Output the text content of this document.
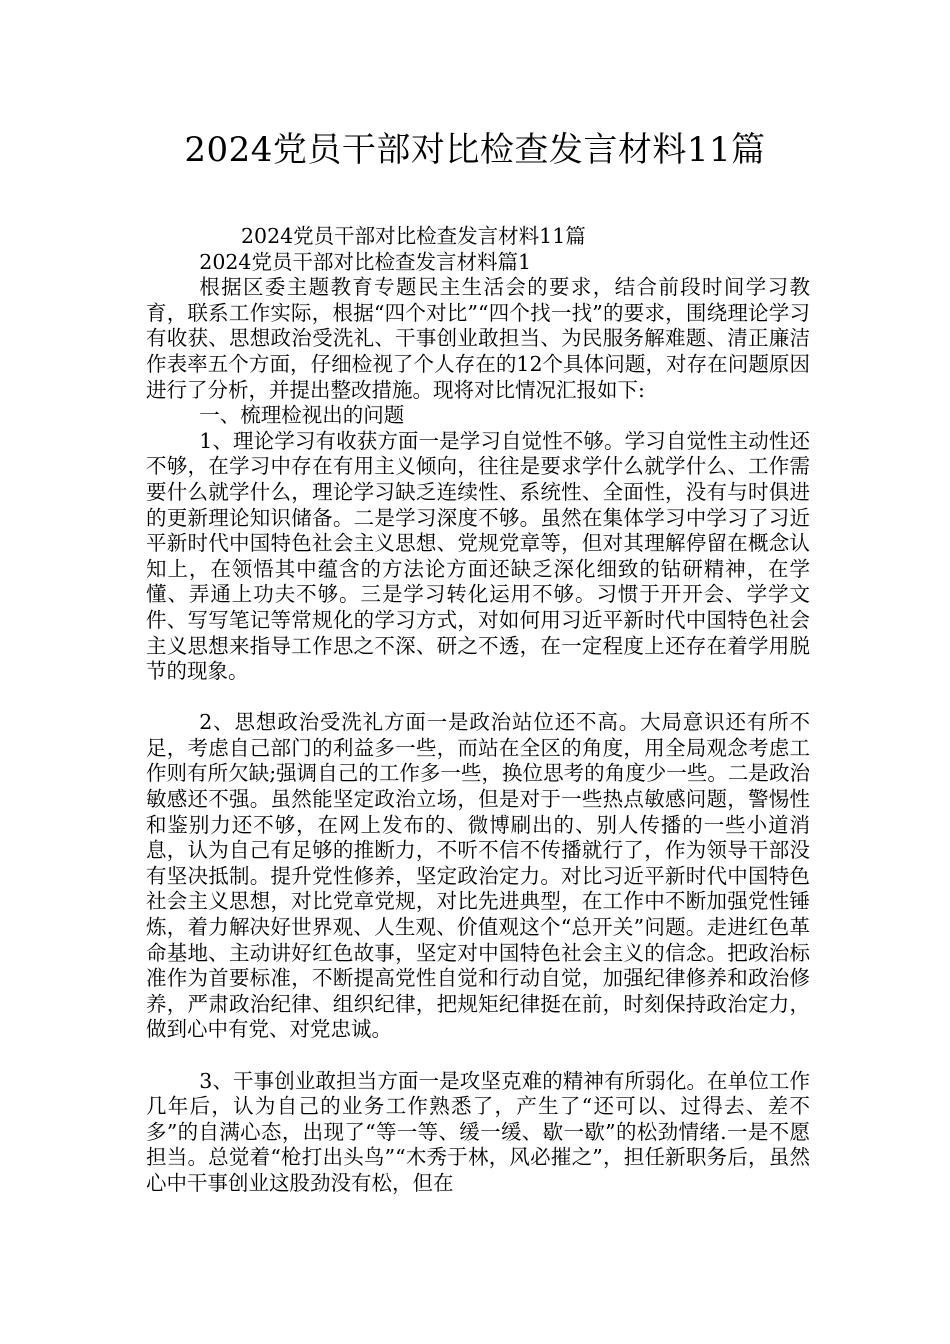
2024党员干部对比检查发言材料11篇

2024党员干部对比检查发言材料11篇

2024党员干部对比检查发言材料篇1

根据区委主题教育专题民主生活会的要求，结合前段时间学习教育，联系工作实际，根据“四个对比”“四个找一找”的要求，围绕理论学习有收获、思想政治受洗礼、干事创业敢担当、为民服务解难题、清正廉洁作表率五个方面，仔细检视了个人存在的12个具体问题，对存在问题原因进行了分析，并提出整改措施。现将对比情况汇报如下:

一、梳理检视出的问题

1、理论学习有收获方面一是学习自觉性不够。学习自觉性主动性还不够，在学习中存在有用主义倾向，往往是要求学什么就学什么、工作需要什么就学什么，理论学习缺乏连续性、系统性、全面性，没有与时俱进的更新理论知识储备。二是学习深度不够。虽然在集体学习中学习了习近平新时代中国特色社会主义思想、党规党章等，但对其理解停留在概念认知上，在领悟其中蕴含的方法论方面还缺乏深化细致的钻研精神，在学懂、弄通上功夫不够。三是学习转化运用不够。习惯于开开会、学学文件、写写笔记等常规化的学习方式，对如何用习近平新时代中国特色社会主义思想来指导工作思之不深、研之不透，在一定程度上还存在着学用脱节的现象。

2、思想政治受洗礼方面一是政治站位还不高。大局意识还有所不足，考虑自己部门的利益多一些，而站在全区的角度，用全局观念考虑工作则有所欠缺;强调自己的工作多一些，换位思考的角度少一些。二是政治敏感还不强。虽然能坚定政治立场，但是对于一些热点敏感问题，警惕性和鉴别力还不够，在网上发布的、微博刷出的、别人传播的一些小道消息，认为自己有足够的推断力，不听不信不传播就行了，作为领导干部没有坚决抵制。提升党性修养，坚定政治定力。对比习近平新时代中国特色社会主义思想，对比党章党规，对比先进典型，在工作中不断加强党性锤炼，着力解决好世界观、人生观、价值观这个“总开关”问题。走进红色革命基地、主动讲好红色故事，坚定对中国特色社会主义的信念。把政治标准作为首要标准，不断提高党性自觉和行动自觉，加强纪律修养和政治修养，严肃政治纪律、组织纪律，把规矩纪律挺在前，时刻保持政治定力，做到心中有党、对党忠诚。

3、干事创业敢担当方面一是攻坚克难的精神有所弱化。在单位工作几年后，认为自己的业务工作熟悉了，产生了“还可以、过得去、差不多”的自满心态，出现了“等一等、缓一缓、歇一歇”的松劲情绪.一是不愿担当。总觉着“枪打出头鸟”“木秀于林，风必摧之”，担任新职务后，虽然心中干事创业这股劲没有松，但在
